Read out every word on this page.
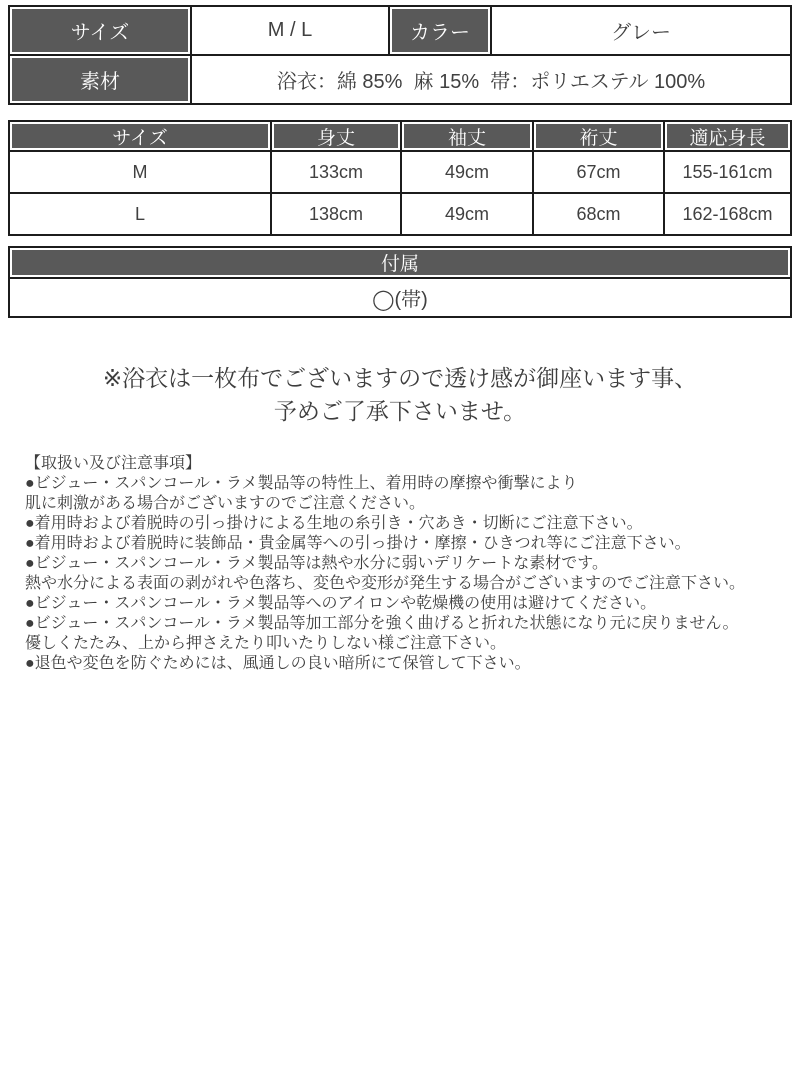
サイズ	M / L	カラー	グレー
素材	浴衣：綿 85%  麻 15%  帯：ポリエステル 100%		
サイズ	身丈	袖丈	裄丈	適応身長
M	133cm	49cm	67cm	155-161cm
L	138cm	49cm	68cm	162-168cm
付属
◯(帯)
※浴衣は一枚布でございますので透け感が御座います事、
予めご了承下さいませ。
【取扱い及び注意事項】
●ビジュー・スパンコール・ラメ製品等の特性上、着用時の摩擦や衝撃により
肌に刺激がある場合がございますのでご注意ください。
●着用時および着脱時の引っ掛けによる生地の糸引き・穴あき・切断にご注意下さい。
●着用時および着脱時に装飾品・貴金属等への引っ掛け・摩擦・ひきつれ等にご注意下さい。
●ビジュー・スパンコール・ラメ製品等は熱や水分に弱いデリケートな素材です。
熱や水分による表面の剥がれや色落ち、変色や変形が発生する場合がございますのでご注意下さい。
●ビジュー・スパンコール・ラメ製品等へのアイロンや乾燥機の使用は避けてください。
●ビジュー・スパンコール・ラメ製品等加工部分を強く曲げると折れた状態になり元に戻りません。
優しくたたみ、上から押さえたり叩いたりしない様ご注意下さい。
●退色や変色を防ぐためには、風通しの良い暗所にて保管して下さい。
